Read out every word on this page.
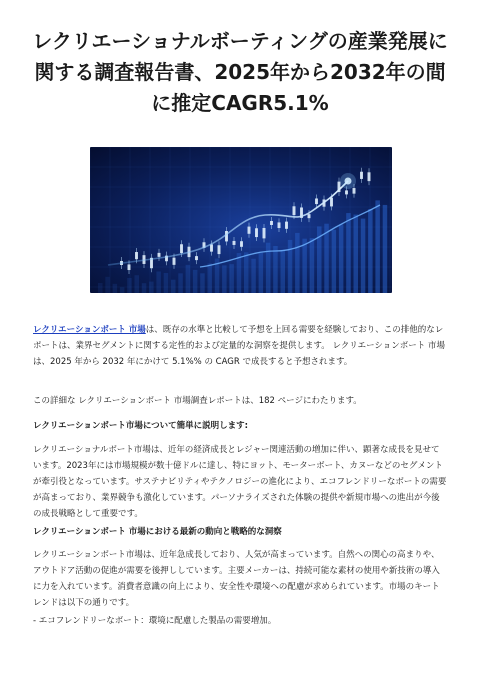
レクリエーショナルボーティングの産業発展に関する調査報告書、2025年から2032年の間に推定CAGR5.1%

レクリエーションボート 市場は、既存の水準と比較して予想を上回る需要を経験しており、この排他的なレポートは、業界セグメントに関する定性的および定量的な洞察を提供します。 レクリエーションボート 市場は、2025 年から 2032 年にかけて 5.1%% の CAGR で成長すると予想されます。

この詳細な レクリエーションボート 市場調査レポートは、182 ページにわたります。

レクリエーションボート市場について簡単に説明します:

レクリエーショナルボート市場は、近年の経済成長とレジャー関連活動の増加に伴い、顕著な成長を見せています。2023年には市場規模が数十億ドルに達し、特にヨット、モーターボート、カヌーなどのセグメントが牽引役となっています。サステナビリティやテクノロジーの進化により、エコフレンドリーなボートの需要が高まっており、業界競争も激化しています。パーソナライズされた体験の提供や新規市場への進出が今後の成長戦略として重要です。

レクリエーションボート 市場における最新の動向と戦略的な洞察

レクリエーションボート市場は、近年急成長しており、人気が高まっています。自然への関心の高まりや、アウトドア活動の促進が需要を後押ししています。主要メーカーは、持続可能な素材の使用や新技術の導入に力を入れています。消費者意識の向上により、安全性や環境への配慮が求められています。市場のキートレンドは以下の通りです。

- エコフレンドリーなボート：環境に配慮した製品の需要増加。
